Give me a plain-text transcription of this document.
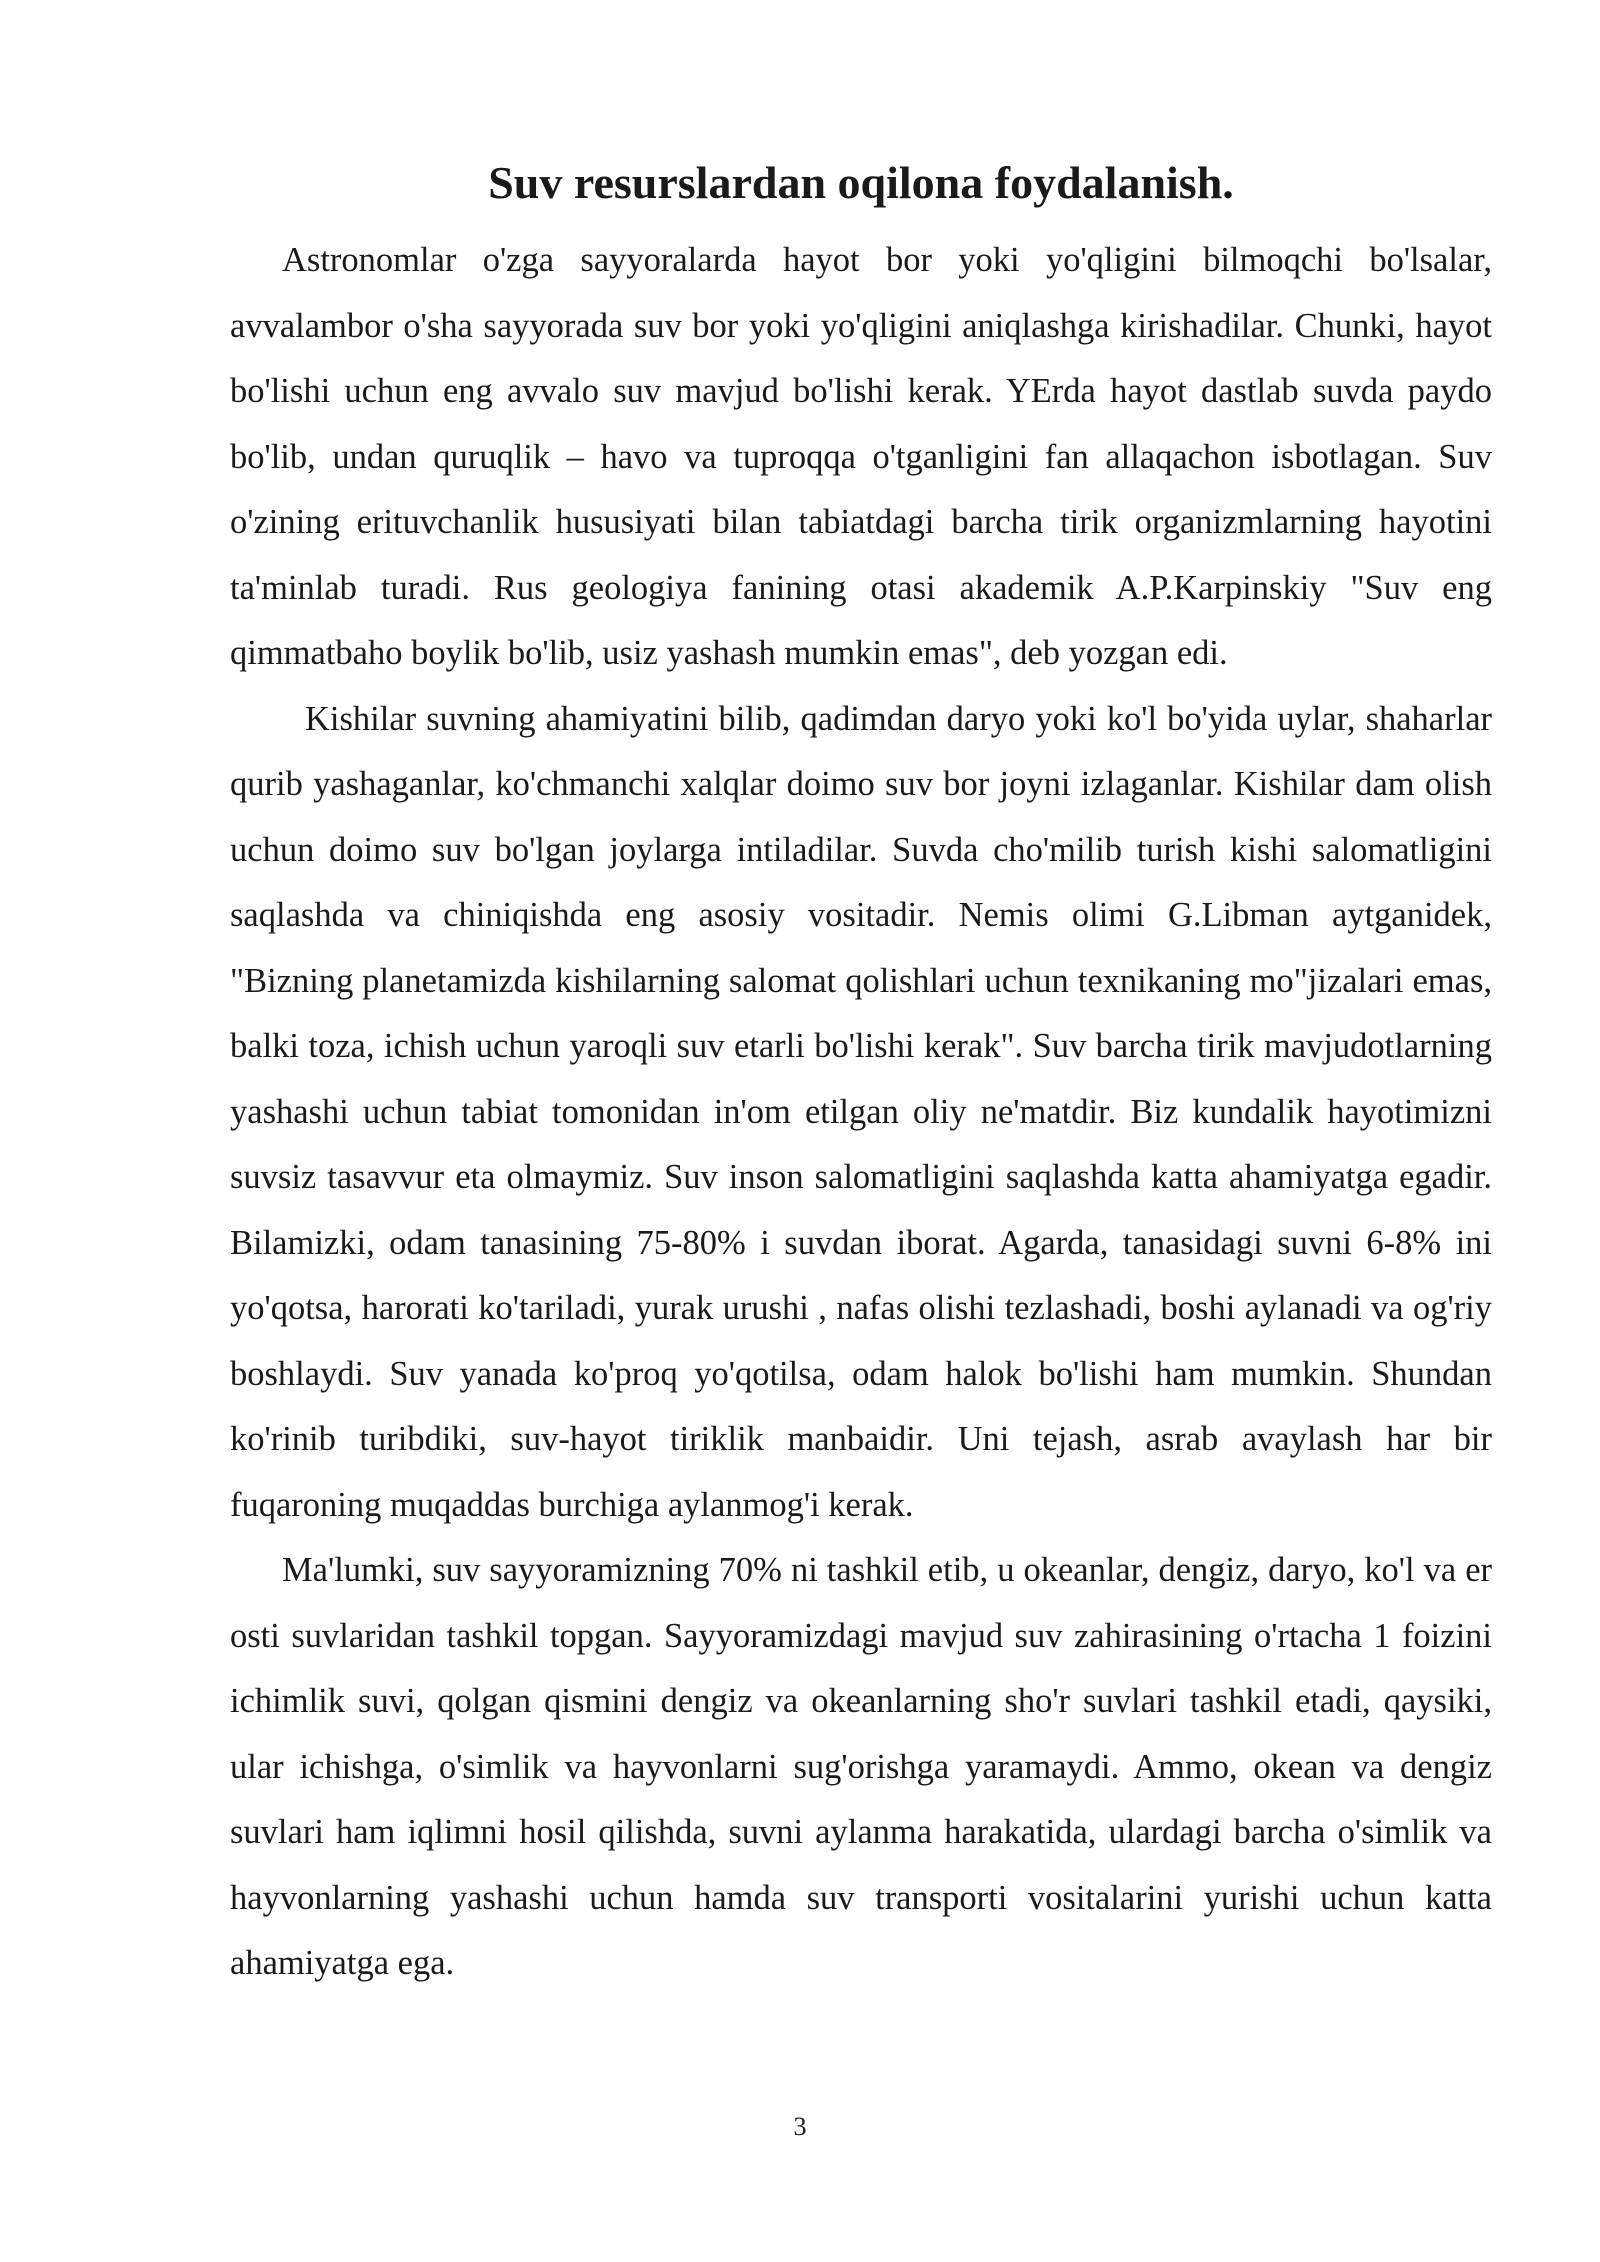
Suv resurslardan oqilona foydalanish.

Astronomlar o'zga sayyoralarda hayot bor yoki yo'qligini bilmoqchi bo'lsalar, avvalambor o'sha sayyorada suv bor yoki yo'qligini aniqlashga kirishadilar. Chunki, hayot bo'lishi uchun eng avvalo suv mavjud bo'lishi kerak. YErda hayot dastlab suvda paydo bo'lib, undan quruqlik – havo va tuproqqa o'tganligini fan allaqachon isbotlagan. Suv o'zining erituvchanlik hususiyati bilan tabiatdagi barcha tirik organizmlarning hayotini ta'minlab turadi. Rus geologiya fanining otasi akademik A.P.Karpinskiy "Suv eng qimmatbaho boylik bo'lib, usiz yashash mumkin emas", deb yozgan edi.

Kishilar suvning ahamiyatini bilib, qadimdan daryo yoki ko'l bo'yida uylar, shaharlar qurib yashaganlar, ko'chmanchi xalqlar doimo suv bor joyni izlaganlar. Kishilar dam olish uchun doimo suv bo'lgan joylarga intiladilar. Suvda cho'milib turish kishi salomatligini saqlashda va chiniqishda eng asosiy vositadir. Nemis olimi G.Libman aytganidek, "Bizning planetamizda kishilarning salomat qolishlari uchun texnikaning mo"jizalari emas, balki toza, ichish uchun yaroqli suv etarli bo'lishi kerak". Suv barcha tirik mavjudotlarning yashashi uchun tabiat tomonidan in'om etilgan oliy ne'matdir. Biz kundalik hayotimizni suvsiz tasavvur eta olmaymiz. Suv inson salomatligini saqlashda katta ahamiyatga egadir. Bilamizki, odam tanasining 75-80% i suvdan iborat. Agarda, tanasidagi suvni 6-8% ini yo'qotsa, harorati ko'tariladi, yurak urushi , nafas olishi tezlashadi, boshi aylanadi va og'riy boshlaydi. Suv yanada ko'proq yo'qotilsa, odam halok bo'lishi ham mumkin. Shundan ko'rinib turibdiki, suv-hayot tiriklik manbaidir. Uni tejash, asrab avaylash har bir fuqaroning muqaddas burchiga aylanmog'i kerak.

Ma'lumki, suv sayyoramizning 70% ni tashkil etib, u okeanlar, dengiz, daryo, ko'l va er osti suvlaridan tashkil topgan. Sayyoramizdagi mavjud suv zahirasining o'rtacha 1 foizini ichimlik suvi, qolgan qismini dengiz va okeanlarning sho'r suvlari tashkil etadi, qaysiki, ular ichishga, o'simlik va hayvonlarni sug'orishga yaramaydi. Ammo, okean va dengiz suvlari ham iqlimni hosil qilishda, suvni aylanma harakatida, ulardagi barcha o'simlik va hayvonlarning yashashi uchun hamda suv transporti vositalarini yurishi uchun katta ahamiyatga ega.

3
